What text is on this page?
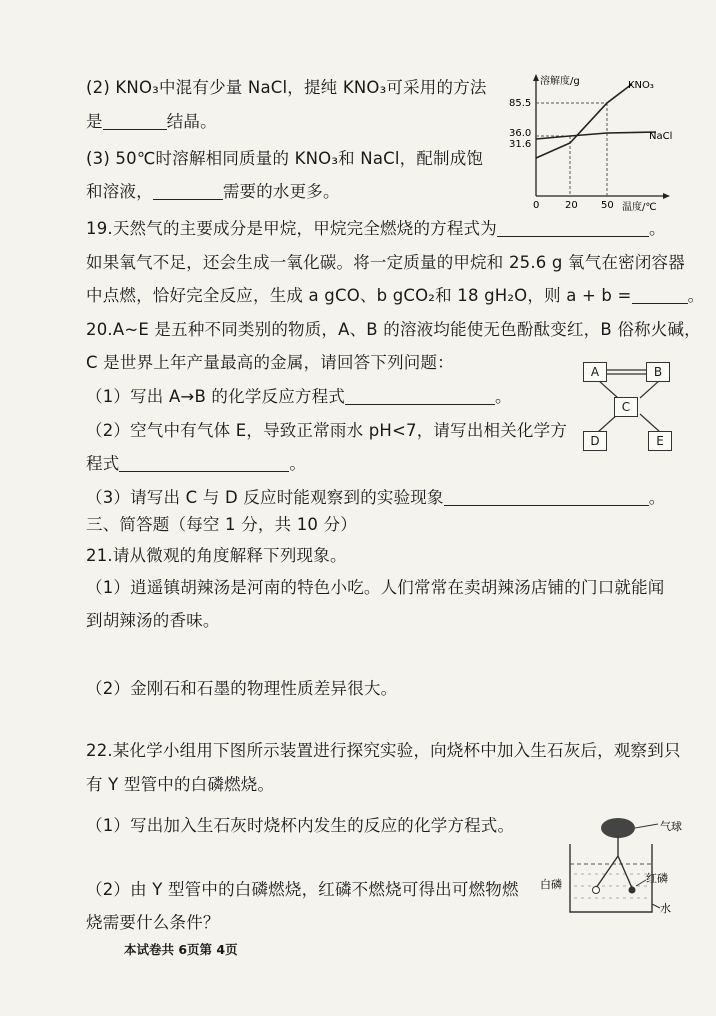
(2) KNO₃中混有少量 NaCl，提纯 KNO₃可采用的方法
是	结晶。
(3) 50℃时溶解相同质量的 KNO₃和 NaCl，配制成饱
和溶液，	需要的水更多。
溶解度/g
温度/℃
KNO₃
NaCl
85.5
36.0
31.6
0	20 50
19.天然气的主要成分是甲烷，甲烷完全燃烧的方程式为	。
如果氧气不足，还会生成一氧化碳。将一定质量的甲烷和 25.6 g 氧气在密闭容器
中点燃，恰好完全反应，生成 a gCO、b gCO₂和 18 gH₂O，则 a + b =	。
20.A~E 是五种不同类别的物质，A、B 的溶液均能使无色酚酞变红，B 俗称火碱，
C 是世界上年产量最高的金属，请回答下列问题：
（1）写出 A→B 的化学反应方程式	。
（2）空气中有气体 E，导致正常雨水 pH<7，请写出相关化学方
程式	。
（3）请写出 C 与 D 反应时能观察到的实验现象	。
A	B
C
D	E
三、简答题（每空 1 分，共 10 分）
21.请从微观的角度解释下列现象。
（1）逍遥镇胡辣汤是河南的特色小吃。人们常常在卖胡辣汤店铺的门口就能闻
到胡辣汤的香味。
（2）金刚石和石墨的物理性质差异很大。
22.某化学小组用下图所示装置进行探究实验，向烧杯中加入生石灰后，观察到只
有 Y 型管中的白磷燃烧。
（1）写出加入生石灰时烧杯内发生的反应的化学方程式。
（2）由 Y 型管中的白磷燃烧，红磷不燃烧可得出可燃物燃
烧需要什么条件？
气球
白磷	红磷
水
本试卷共 6页第 4页
